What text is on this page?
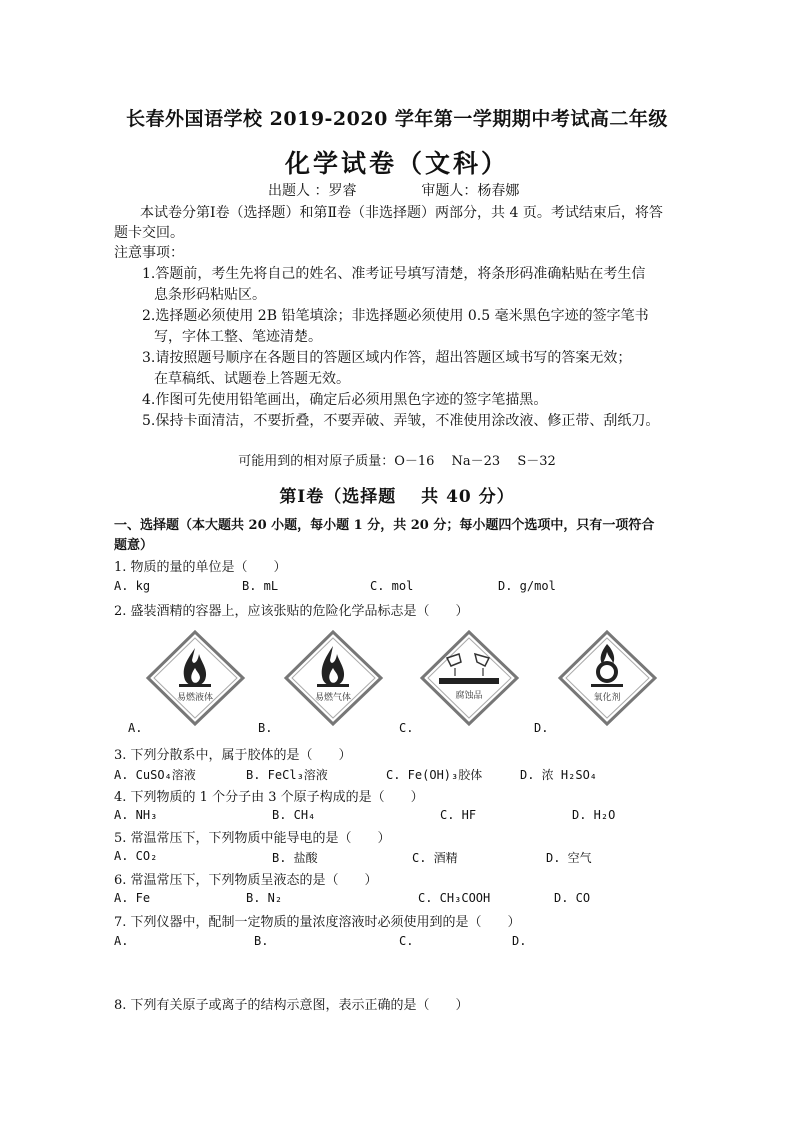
长春外国语学校 2019-2020 学年第一学期期中考试高二年级
化学试卷（文科）
出题人 ：罗睿	审题人：杨春娜
本试卷分第Ⅰ卷（选择题）和第Ⅱ卷（非选择题）两部分，共 4 页。考试结束后，将答
题卡交回。
注意事项：
1.答题前，考生先将自己的姓名、准考证号填写清楚，将条形码准确粘贴在考生信
息条形码粘贴区。
2.选择题必须使用 2B 铅笔填涂；非选择题必须使用 0.5 毫米黑色字迹的签字笔书
写，字体工整、笔迹清楚。
3.请按照题号顺序在各题目的答题区域内作答，超出答题区域书写的答案无效；
在草稿纸、试题卷上答题无效。
4.作图可先使用铅笔画出，确定后必须用黑色字迹的签字笔描黑。
5.保持卡面清洁，不要折叠，不要弄破、弄皱，不准使用涂改液、修正带、刮纸刀。
可能用到的相对原子质量：O－16　 Na－23　 S－32
第Ⅰ卷（选择题　 共 40 分）
一、选择题（本大题共 20 小题，每小题 1 分，共 20 分；每小题四个选项中，只有一项符合
题意）
1. 物质的量的单位是（　　）
A. kg	B. mL	C. mol	D. g/mol
2. 盛装酒精的容器上，应该张贴的危险化学品标志是（　　）
易燃液体	易燃气体	腐蚀品	氧化剂
A.	B.	C.	D.
3. 下列分散系中，属于胶体的是（　　）
A. CuSO₄溶液	B. FeCl₃溶液	C. Fe(OH)₃胶体	D. 浓 H₂SO₄
4. 下列物质的 1 个分子由 3 个原子构成的是（　　）
A. NH₃	B. CH₄	C. HF	D. H₂O
5. 常温常压下，下列物质中能导电的是（　　）
A. CO₂	B. 盐酸	C. 酒精	D. 空气
6. 常温常压下，下列物质呈液态的是（　　）
A. Fe	B. N₂	C. CH₃COOH	D. CO
7. 下列仪器中，配制一定物质的量浓度溶液时必须使用到的是（　　）
A.	B.	C.	D.
8. 下列有关原子或离子的结构示意图，表示正确的是（　　）
